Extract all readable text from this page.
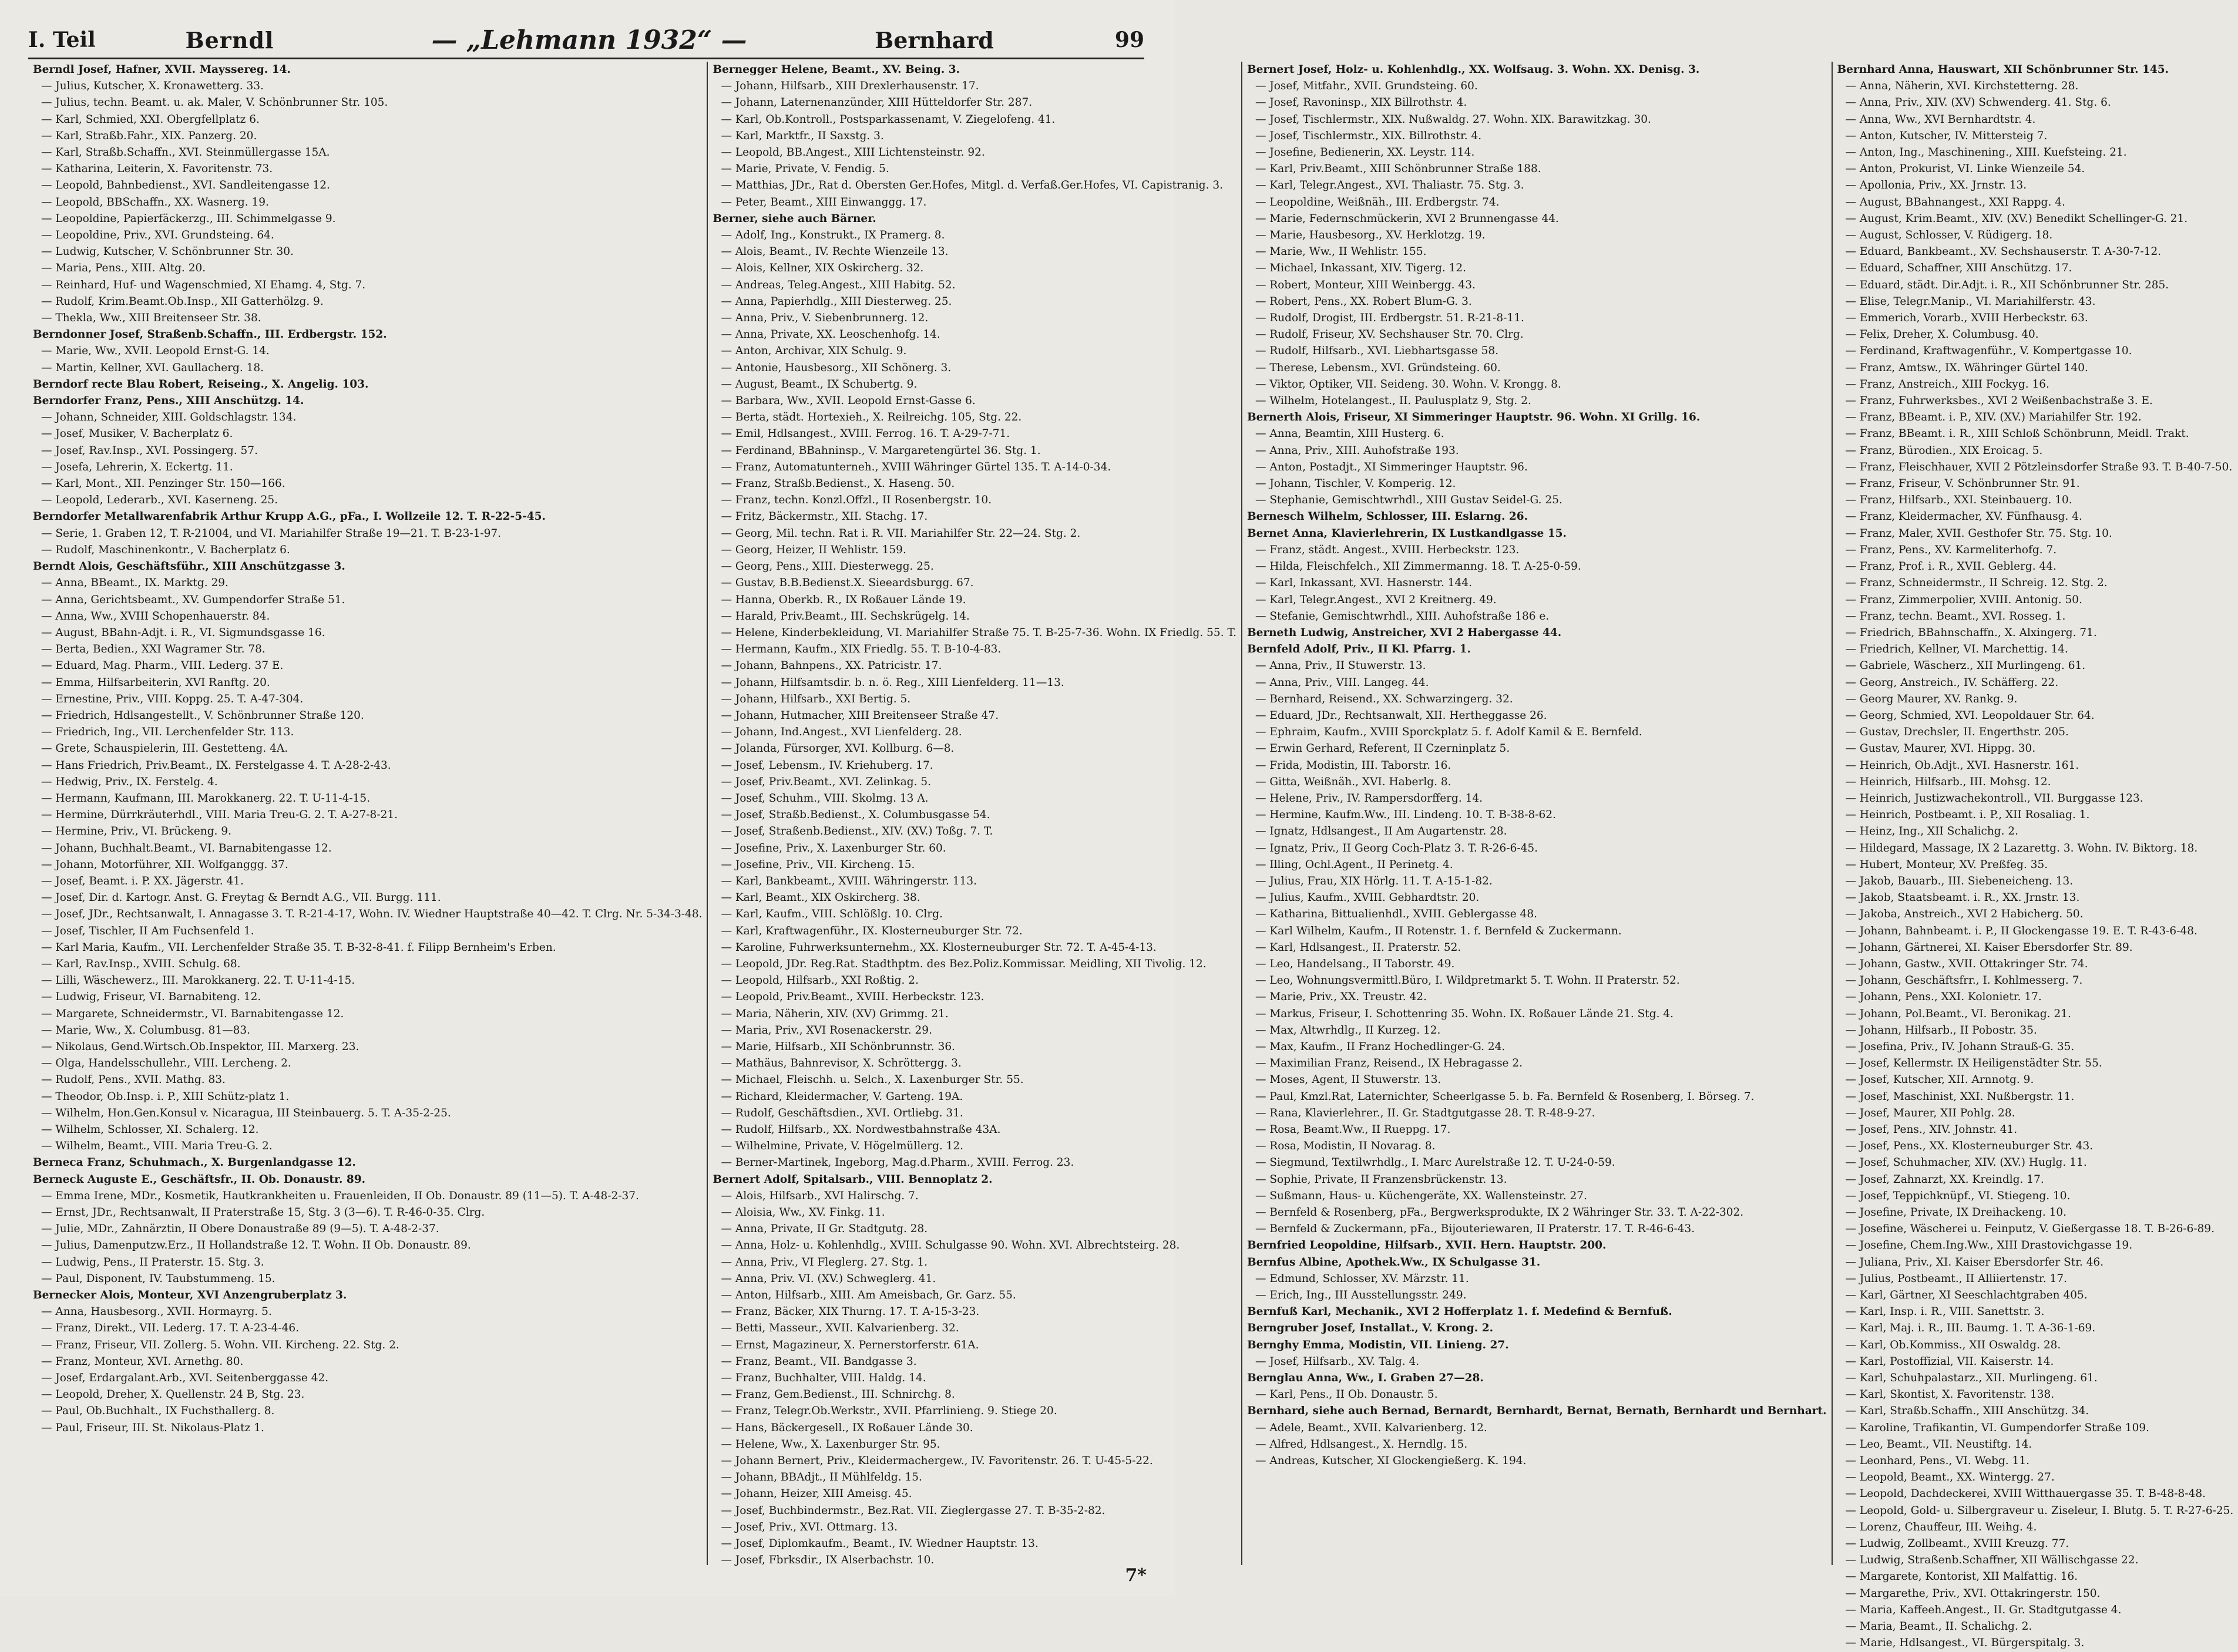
I. Teil	Berndl	— „Lehmann 1932“ —	Bernhard	99
Berndl Josef, Hafner, XVII. Mayssereg. 14.
— Julius, Kutscher, X. Kronawetterg. 33.
— Julius, techn. Beamt. u. ak. Maler, V. Schönbrunner Str. 105.
— Karl, Schmied, XXI. Obergfellplatz 6.
— Karl, Straßb.Fahr., XIX. Panzerg. 20.
— Karl, Straßb.Schaffn., XVI. Steinmüllergasse 15A.
— Katharina, Leiterin, X. Favoritenstr. 73.
— Leopold, Bahnbedienst., XVI. Sandleitengasse 12.
— Leopold, BBSchaffn., XX. Wasnerg. 19.
— Leopoldine, Papierfäckerzg., III. Schimmelgasse 9.
— Leopoldine, Priv., XVI. Grundsteing. 64.
— Ludwig, Kutscher, V. Schönbrunner Str. 30.
— Maria, Pens., XIII. Altg. 20.
— Reinhard, Huf- und Wagenschmied, XI Ehamg. 4, Stg. 7.
— Rudolf, Krim.Beamt.Ob.Insp., XII Gatterhölzg. 9.
— Thekla, Ww., XIII Breitenseer Str. 38.
Berndonner Josef, Straßenb.Schaffn., III. Erdbergstr. 152.
— Marie, Ww., XVII. Leopold Ernst-G. 14.
— Martin, Kellner, XVI. Gaullacherg. 18.
Berndorf recte Blau Robert, Reiseing., X. Angelig. 103.
Berndorfer Franz, Pens., XIII Anschützg. 14.
— Johann, Schneider, XIII. Goldschlagstr. 134.
— Josef, Musiker, V. Bacherplatz 6.
— Josef, Rav.Insp., XVI. Possingerg. 57.
— Josefa, Lehrerin, X. Eckertg. 11.
— Karl, Mont., XII. Penzinger Str. 150—166.
— Leopold, Lederarb., XVI. Kaserneng. 25.
Berndorfer Metallwarenfabrik Arthur Krupp A.G., pFa., I. Wollzeile 12. T. R-22-5-45.
— Serie, 1. Graben 12, T. R-21004, und VI. Mariahilfer Straße 19—21. T. B-23-1-97.
— Rudolf, Maschinenkontr., V. Bacherplatz 6.
Berndt Alois, Geschäftsführ., XIII Anschützgasse 3.
— Anna, BBeamt., IX. Marktg. 29.
— Anna, Gerichtsbeamt., XV. Gumpendorfer Straße 51.
— Anna, Ww., XVIII Schopenhauerstr. 84.
— August, BBahn-Adjt. i. R., VI. Sigmundsgasse 16.
— Berta, Bedien., XXI Wagramer Str. 78.
— Eduard, Mag. Pharm., VIII. Lederg. 37 E.
— Emma, Hilfsarbeiterin, XVI Ranftg. 20.
— Ernestine, Priv., VIII. Koppg. 25. T. A-47-304.
— Friedrich, Hdlsangestellt., V. Schönbrunner Straße 120.
— Friedrich, Ing., VII. Lerchenfelder Str. 113.
— Grete, Schauspielerin, III. Gestetteng. 4A.
— Hans Friedrich, Priv.Beamt., IX. Ferstelgasse 4. T. A-28-2-43.
— Hedwig, Priv., IX. Ferstelg. 4.
— Hermann, Kaufmann, III. Marokkanerg. 22. T. U-11-4-15.
— Hermine, Dürrkräuterhdl., VIII. Maria Treu-G. 2. T. A-27-8-21.
— Hermine, Priv., VI. Brückeng. 9.
— Johann, Buchhalt.Beamt., VI. Barnabitengasse 12.
— Johann, Motorführer, XII. Wolfganggg. 37.
— Josef, Beamt. i. P. XX. Jägerstr. 41.
— Josef, Dir. d. Kartogr. Anst. G. Freytag & Berndt A.G., VII. Burgg. 111.
— Josef, JDr., Rechtsanwalt, I. Annagasse 3. T. R-21-4-17, Wohn. IV. Wiedner Hauptstraße 40—42. T. Clrg. Nr. 5-34-3-48.
— Josef, Tischler, II Am Fuchsenfeld 1.
— Karl Maria, Kaufm., VII. Lerchenfelder Straße 35. T. B-32-8-41. f. Filipp Bernheim's Erben.
— Karl, Rav.Insp., XVIII. Schulg. 68.
— Lilli, Wäschewerz., III. Marokkanerg. 22. T. U-11-4-15.
— Ludwig, Friseur, VI. Barnabiteng. 12.
— Margarete, Schneidermstr., VI. Barnabitengasse 12.
— Marie, Ww., X. Columbusg. 81—83.
— Nikolaus, Gend.Wirtsch.Ob.Inspektor, III. Marxerg. 23.
— Olga, Handelsschullehr., VIII. Lercheng. 2.
— Rudolf, Pens., XVII. Mathg. 83.
— Theodor, Ob.Insp. i. P., XIII Schütz-platz 1.
— Wilhelm, Hon.Gen.Konsul v. Nicaragua, III Steinbauerg. 5. T. A-35-2-25.
— Wilhelm, Schlosser, XI. Schalerg. 12.
— Wilhelm, Beamt., VIII. Maria Treu-G. 2.
Berneca Franz, Schuhmach., X. Burgenlandgasse 12.
Berneck Auguste E., Geschäftsfr., II. Ob. Donaustr. 89.
— Emma Irene, MDr., Kosmetik, Hautkrankheiten u. Frauenleiden, II Ob. Donaustr. 89 (11—5). T. A-48-2-37.
— Ernst, JDr., Rechtsanwalt, II Praterstraße 15, Stg. 3 (3—6). T. R-46-0-35. Clrg.
— Julie, MDr., Zahnärztin, II Obere Donaustraße 89 (9—5). T. A-48-2-37.
— Julius, Damenputzw.Erz., II Hollandstraße 12. T. Wohn. II Ob. Donaustr. 89.
— Ludwig, Pens., II Praterstr. 15. Stg. 3.
— Paul, Disponent, IV. Taubstummeng. 15.
Bernecker Alois, Monteur, XVI Anzengruberplatz 3.
— Anna, Hausbesorg., XVII. Hormayrg. 5.
— Franz, Direkt., VII. Lederg. 17. T. A-23-4-46.
— Franz, Friseur, VII. Zollerg. 5. Wohn. VII. Kircheng. 22. Stg. 2.
— Franz, Monteur, XVI. Arnethg. 80.
— Josef, Erdargalant.Arb., XVI. Seitenberggasse 42.
— Leopold, Dreher, X. Quellenstr. 24 B, Stg. 23.
— Paul, Ob.Buchhalt., IX Fuchsthallerg. 8.
— Paul, Friseur, III. St. Nikolaus-Platz 1.
Bernegger Helene, Beamt., XV. Being. 3.
— Johann, Hilfsarb., XIII Drexlerhausenstr. 17.
— Johann, Laternenanzünder, XIII Hütteldorfer Str. 287.
— Karl, Ob.Kontroll., Postsparkassenamt, V. Ziegelofeng. 41.
— Karl, Marktfr., II Saxstg. 3.
— Leopold, BB.Angest., XIII Lichtensteinstr. 92.
— Marie, Private, V. Fendig. 5.
— Matthias, JDr., Rat d. Obersten Ger.Hofes, Mitgl. d. Verfaß.Ger.Hofes, VI. Capistranig. 3.
— Peter, Beamt., XIII Einwanggg. 17.
Berner, siehe auch Bärner.
— Adolf, Ing., Konstrukt., IX Pramerg. 8.
— Alois, Beamt., IV. Rechte Wienzeile 13.
— Alois, Kellner, XIX Oskircherg. 32.
— Andreas, Teleg.Angest., XIII Habitg. 52.
— Anna, Papierhdlg., XIII Diesterweg. 25.
— Anna, Priv., V. Siebenbrunnerg. 12.
— Anna, Private, XX. Leoschenhofg. 14.
— Anton, Archivar, XIX Schulg. 9.
— Antonie, Hausbesorg., XII Schönerg. 3.
— August, Beamt., IX Schubertg. 9.
— Barbara, Ww., XVII. Leopold Ernst-Gasse 6.
— Berta, städt. Hortexieh., X. Reilreichg. 105, Stg. 22.
— Emil, Hdlsangest., XVIII. Ferrog. 16. T. A-29-7-71.
— Ferdinand, BBahninsp., V. Margaretengürtel 36. Stg. 1.
— Franz, Automatunterneh., XVIII Währinger Gürtel 135. T. A-14-0-34.
— Franz, Straßb.Bedienst., X. Haseng. 50.
— Franz, techn. Konzl.Offzl., II Rosenbergstr. 10.
— Fritz, Bäckermstr., XII. Stachg. 17.
— Georg, Mil. techn. Rat i. R. VII. Mariahilfer Str. 22—24. Stg. 2.
— Georg, Heizer, II Wehlistr. 159.
— Georg, Pens., XIII. Diesterwegg. 25.
— Gustav, B.B.Bedienst.X. Sieeardsburgg. 67.
— Hanna, Oberkb. R., IX Roßauer Lände 19.
— Harald, Priv.Beamt., III. Sechskrügelg. 14.
— Helene, Kinderbekleidung, VI. Mariahilfer Straße 75. T. B-25-7-36. Wohn. IX Friedlg. 55. T.
— Hermann, Kaufm., XIX Friedlg. 55. T. B-10-4-83.
— Johann, Bahnpens., XX. Patricistr. 17.
— Johann, Hilfsamtsdir. b. n. ö. Reg., XIII Lienfelderg. 11—13.
— Johann, Hilfsarb., XXI Bertig. 5.
— Johann, Hutmacher, XIII Breitenseer Straße 47.
— Johann, Ind.Angest., XVI Lienfelderg. 28.
— Jolanda, Fürsorger, XVI. Kollburg. 6—8.
— Josef, Lebensm., IV. Kriehuberg. 17.
— Josef, Priv.Beamt., XVI. Zelinkag. 5.
— Josef, Schuhm., VIII. Skolmg. 13 A.
— Josef, Straßb.Bedienst., X. Columbusgasse 54.
— Josef, Straßenb.Bedienst., XIV. (XV.) Toßg. 7. T.
— Josefine, Priv., X. Laxenburger Str. 60.
— Josefine, Priv., VII. Kircheng. 15.
— Karl, Bankbeamt., XVIII. Währingerstr. 113.
— Karl, Beamt., XIX Oskircherg. 38.
— Karl, Kaufm., VIII. Schlößlg. 10. Clrg.
— Karl, Kraftwagenführ., IX. Klosterneuburger Str. 72.
— Karoline, Fuhrwerksunternehm., XX. Klosterneuburger Str. 72. T. A-45-4-13.
— Leopold, JDr. Reg.Rat. Stadthptm. des Bez.Poliz.Kommissar. Meidling, XII Tivolig. 12.
— Leopold, Hilfsarb., XXI Roßtig. 2.
— Leopold, Priv.Beamt., XVIII. Herbeckstr. 123.
— Maria, Näherin, XIV. (XV) Grimmg. 21.
— Maria, Priv., XVI Rosenackerstr. 29.
— Marie, Hilfsarb., XII Schönbrunnstr. 36.
— Mathäus, Bahnrevisor, X. Schröttergg. 3.
— Michael, Fleischh. u. Selch., X. Laxenburger Str. 55.
— Richard, Kleidermacher, V. Garteng. 19A.
— Rudolf, Geschäftsdien., XVI. Ortliebg. 31.
— Rudolf, Hilfsarb., XX. Nordwestbahnstraße 43A.
— Wilhelmine, Private, V. Högelmüllerg. 12.
— Berner-Martinek, Ingeborg, Mag.d.Pharm., XVIII. Ferrog. 23.
Bernert Adolf, Spitalsarb., VIII. Bennoplatz 2.
— Alois, Hilfsarb., XVI Halirschg. 7.
— Aloisia, Ww., XV. Finkg. 11.
— Anna, Private, II Gr. Stadtgutg. 28.
— Anna, Holz- u. Kohlenhdlg., XVIII. Schulgasse 90. Wohn. XVI. Albrechtsteirg. 28.
— Anna, Priv., VI Fleglerg. 27. Stg. 1.
— Anna, Priv. VI. (XV.) Schweglerg. 41.
— Anton, Hilfsarb., XIII. Am Ameisbach, Gr. Garz. 55.
— Franz, Bäcker, XIX Thurng. 17. T. A-15-3-23.
— Betti, Masseur., XVII. Kalvarienberg. 32.
— Ernst, Magazineur, X. Pernerstorferstr. 61A.
— Franz, Beamt., VII. Bandgasse 3.
— Franz, Buchhalter, VIII. Haldg. 14.
— Franz, Gem.Bedienst., III. Schnirchg. 8.
— Franz, Telegr.Ob.Werkstr., XVII. Pfarrlinieng. 9. Stiege 20.
— Hans, Bäckergesell., IX Roßauer Lände 30.
— Helene, Ww., X. Laxenburger Str. 95.
— Johann Bernert, Priv., Kleidermachergew., IV. Favoritenstr. 26. T. U-45-5-22.
— Johann, BBAdjt., II Mühlfeldg. 15.
— Johann, Heizer, XIII Ameisg. 45.
— Josef, Buchbindermstr., Bez.Rat. VII. Zieglergasse 27. T. B-35-2-82.
— Josef, Priv., XVI. Ottmarg. 13.
— Josef, Diplomkaufm., Beamt., IV. Wiedner Hauptstr. 13.
— Josef, Fbrksdir., IX Alserbachstr. 10.
Bernert Josef, Holz- u. Kohlenhdlg., XX. Wolfsaug. 3. Wohn. XX. Denisg. 3.
— Josef, Mitfahr., XVII. Grundsteing. 60.
— Josef, Ravoninsp., XIX Billrothstr. 4.
— Josef, Tischlermstr., XIX. Nußwaldg. 27. Wohn. XIX. Barawitzkag. 30.
— Josef, Tischlermstr., XIX. Billrothstr. 4.
— Josefine, Bedienerin, XX. Leystr. 114.
— Karl, Priv.Beamt., XIII Schönbrunner Straße 188.
— Karl, Telegr.Angest., XVI. Thaliastr. 75. Stg. 3.
— Leopoldine, Weißnäh., III. Erdbergstr. 74.
— Marie, Federnschmückerin, XVI 2 Brunnengasse 44.
— Marie, Hausbesorg., XV. Herklotzg. 19.
— Marie, Ww., II Wehlistr. 155.
— Michael, Inkassant, XIV. Tigerg. 12.
— Robert, Monteur, XIII Weinbergg. 43.
— Robert, Pens., XX. Robert Blum-G. 3.
— Rudolf, Drogist, III. Erdbergstr. 51. R-21-8-11.
— Rudolf, Friseur, XV. Sechshauser Str. 70. Clrg.
— Rudolf, Hilfsarb., XVI. Liebhartsgasse 58.
— Therese, Lebensm., XVI. Gründsteing. 60.
— Viktor, Optiker, VII. Seideng. 30. Wohn. V. Krongg. 8.
— Wilhelm, Hotelangest., II. Paulusplatz 9, Stg. 2.
Bernerth Alois, Friseur, XI Simmeringer Hauptstr. 96. Wohn. XI Grillg. 16.
— Anna, Beamtin, XIII Husterg. 6.
— Anna, Priv., XIII. Auhofstraße 193.
— Anton, Postadjt., XI Simmeringer Hauptstr. 96.
— Johann, Tischler, V. Komperig. 12.
— Stephanie, Gemischtwrhdl., XIII Gustav Seidel-G. 25.
Bernesch Wilhelm, Schlosser, III. Eslarng. 26.
Bernet Anna, Klavierlehrerin, IX Lustkandlgasse 15.
— Franz, städt. Angest., XVIII. Herbeckstr. 123.
— Hilda, Fleischfelch., XII Zimmermanng. 18. T. A-25-0-59.
— Karl, Inkassant, XVI. Hasnerstr. 144.
— Karl, Telegr.Angest., XVI 2 Kreitnerg. 49.
— Stefanie, Gemischtwrhdl., XIII. Auhofstraße 186 e.
Berneth Ludwig, Anstreicher, XVI 2 Habergasse 44.
Bernfeld Adolf, Priv., II Kl. Pfarrg. 1.
— Anna, Priv., II Stuwerstr. 13.
— Anna, Priv., VIII. Langeg. 44.
— Bernhard, Reisend., XX. Schwarzingerg. 32.
— Eduard, JDr., Rechtsanwalt, XII. Hertheggasse 26.
— Ephraim, Kaufm., XVIII Sporckplatz 5. f. Adolf Kamil & E. Bernfeld.
— Erwin Gerhard, Referent, II Czerninplatz 5.
— Frida, Modistin, III. Taborstr. 16.
— Gitta, Weißnäh., XVI. Haberlg. 8.
— Helene, Priv., IV. Rampersdorfferg. 14.
— Hermine, Kaufm.Ww., III. Lindeng. 10. T. B-38-8-62.
— Ignatz, Hdlsangest., II Am Augartenstr. 28.
— Ignatz, Priv., II Georg Coch-Platz 3. T. R-26-6-45.
— Illing, Ochl.Agent., II Perinetg. 4.
— Julius, Frau, XIX Hörlg. 11. T. A-15-1-82.
— Julius, Kaufm., XVIII. Gebhardtstr. 20.
— Katharina, Bittualienhdl., XVIII. Geblergasse 48.
— Karl Wilhelm, Kaufm., II Rotenstr. 1. f. Bernfeld & Zuckermann.
— Karl, Hdlsangest., II. Praterstr. 52.
— Leo, Handelsang., II Taborstr. 49.
— Leo, Wohnungsvermittl.Büro, I. Wildpretmarkt 5. T. Wohn. II Praterstr. 52.
— Marie, Priv., XX. Treustr. 42.
— Markus, Friseur, I. Schottenring 35. Wohn. IX. Roßauer Lände 21. Stg. 4.
— Max, Altwrhdlg., II Kurzeg. 12.
— Max, Kaufm., II Franz Hochedlinger-G. 24.
— Maximilian Franz, Reisend., IX Hebragasse 2.
— Moses, Agent, II Stuwerstr. 13.
— Paul, Kmzl.Rat, Laternichter, Scheerlgasse 5. b. Fa. Bernfeld & Rosenberg, I. Börseg. 7.
— Rana, Klavierlehrer., II. Gr. Stadtgutgasse 28. T. R-48-9-27.
— Rosa, Beamt.Ww., II Rueppg. 17.
— Rosa, Modistin, II Novarag. 8.
— Siegmund, Textilwrhdlg., I. Marc Aurelstraße 12. T. U-24-0-59.
— Sophie, Private, II Franzensbrückenstr. 13.
— Sußmann, Haus- u. Küchengeräte, XX. Wallensteinstr. 27.
— Bernfeld & Rosenberg, pFa., Bergwerksprodukte, IX 2 Währinger Str. 33. T. A-22-302.
— Bernfeld & Zuckermann, pFa., Bijouteriewaren, II Praterstr. 17. T. R-46-6-43.
Bernfried Leopoldine, Hilfsarb., XVII. Hern. Hauptstr. 200.
Bernfus Albine, Apothek.Ww., IX Schulgasse 31.
— Edmund, Schlosser, XV. Märzstr. 11.
— Erich, Ing., III Ausstellungsstr. 249.
Bernfuß Karl, Mechanik., XVI 2 Hofferplatz 1. f. Medefind & Bernfuß.
Berngruber Josef, Installat., V. Krong. 2.
Bernghy Emma, Modistin, VII. Linieng. 27.
— Josef, Hilfsarb., XV. Talg. 4.
Bernglau Anna, Ww., I. Graben 27—28.
— Karl, Pens., II Ob. Donaustr. 5.
Bernhard, siehe auch Bernad, Bernardt, Bernhardt, Bernat, Bernath, Bernhardt und Bernhart.
— Adele, Beamt., XVII. Kalvarienberg. 12.
— Alfred, Hdlsangest., X. Herndlg. 15.
— Andreas, Kutscher, XI Glockengießerg. K. 194.
Bernhard Anna, Hauswart, XII Schönbrunner Str. 145.
— Anna, Näherin, XVI. Kirchstetterng. 28.
— Anna, Priv., XIV. (XV) Schwenderg. 41. Stg. 6.
— Anna, Ww., XVI Bernhardtstr. 4.
— Anton, Kutscher, IV. Mittersteig 7.
— Anton, Ing., Maschinening., XIII. Kuefsteing. 21.
— Anton, Prokurist, VI. Linke Wienzeile 54.
— Apollonia, Priv., XX. Jrnstr. 13.
— August, BBahnangest., XXI Rappg. 4.
— August, Krim.Beamt., XIV. (XV.) Benedikt Schellinger-G. 21.
— August, Schlosser, V. Rüdigerg. 18.
— Eduard, Bankbeamt., XV. Sechshauserstr. T. A-30-7-12.
— Eduard, Schaffner, XIII Anschützg. 17.
— Eduard, städt. Dir.Adjt. i. R., XII Schönbrunner Str. 285.
— Elise, Telegr.Manip., VI. Mariahilferstr. 43.
— Emmerich, Vorarb., XVIII Herbeckstr. 63.
— Felix, Dreher, X. Columbusg. 40.
— Ferdinand, Kraftwagenführ., V. Kompertgasse 10.
— Franz, Amtsw., IX. Währinger Gürtel 140.
— Franz, Anstreich., XIII Fockyg. 16.
— Franz, Fuhrwerksbes., XVI 2 Weißenbachstraße 3. E.
— Franz, BBeamt. i. P., XIV. (XV.) Mariahilfer Str. 192.
— Franz, BBeamt. i. R., XIII Schloß Schönbrunn, Meidl. Trakt.
— Franz, Bürodien., XIX Eroicag. 5.
— Franz, Fleischhauer, XVII 2 Pötzleinsdorfer Straße 93. T. B-40-7-50.
— Franz, Friseur, V. Schönbrunner Str. 91.
— Franz, Hilfsarb., XXI. Steinbauerg. 10.
— Franz, Kleidermacher, XV. Fünfhausg. 4.
— Franz, Maler, XVII. Gesthofer Str. 75. Stg. 10.
— Franz, Pens., XV. Karmeliterhofg. 7.
— Franz, Prof. i. R., XVII. Geblerg. 44.
— Franz, Schneidermstr., II Schreig. 12. Stg. 2.
— Franz, Zimmerpolier, XVIII. Antonig. 50.
— Franz, techn. Beamt., XVI. Rosseg. 1.
— Friedrich, BBahnschaffn., X. Alxingerg. 71.
— Friedrich, Kellner, VI. Marchettig. 14.
— Gabriele, Wäscherz., XII Murlingeng. 61.
— Georg, Anstreich., IV. Schäfferg. 22.
— Georg Maurer, XV. Rankg. 9.
— Georg, Schmied, XVI. Leopoldauer Str. 64.
— Gustav, Drechsler, II. Engerthstr. 205.
— Gustav, Maurer, XVI. Hippg. 30.
— Heinrich, Ob.Adjt., XVI. Hasnerstr. 161.
— Heinrich, Hilfsarb., III. Mohsg. 12.
— Heinrich, Justizwachekontroll., VII. Burggasse 123.
— Heinrich, Postbeamt. i. P., XII Rosaliag. 1.
— Heinz, Ing., XII Schalichg. 2.
— Hildegard, Massage, IX 2 Lazarettg. 3. Wohn. IV. Biktorg. 18.
— Hubert, Monteur, XV. Preßfeg. 35.
— Jakob, Bauarb., III. Siebeneicheng. 13.
— Jakob, Staatsbeamt. i. R., XX. Jrnstr. 13.
— Jakoba, Anstreich., XVI 2 Habicherg. 50.
— Johann, Bahnbeamt. i. P., II Glockengasse 19. E. T. R-43-6-48.
— Johann, Gärtnerei, XI. Kaiser Ebersdorfer Str. 89.
— Johann, Gastw., XVII. Ottakringer Str. 74.
— Johann, Geschäftsfrr., I. Kohlmesserg. 7.
— Johann, Pens., XXI. Kolonietr. 17.
— Johann, Pol.Beamt., VI. Beronikag. 21.
— Johann, Hilfsarb., II Pobostr. 35.
— Josefina, Priv., IV. Johann Strauß-G. 35.
— Josef, Kellermstr. IX Heiligenstädter Str. 55.
— Josef, Kutscher, XII. Arnnotg. 9.
— Josef, Maschinist, XXI. Nußbergstr. 11.
— Josef, Maurer, XII Pohlg. 28.
— Josef, Pens., XIV. Johnstr. 41.
— Josef, Pens., XX. Klosterneuburger Str. 43.
— Josef, Schuhmacher, XIV. (XV.) Huglg. 11.
— Josef, Zahnarzt, XX. Kreindlg. 17.
— Josef, Teppichknüpf., VI. Stiegeng. 10.
— Josefine, Private, IX Dreihackeng. 10.
— Josefine, Wäscherei u. Feinputz, V. Gießergasse 18. T. B-26-6-89.
— Josefine, Chem.Ing.Ww., XIII Drastovichgasse 19.
— Juliana, Priv., XI. Kaiser Ebersdorfer Str. 46.
— Julius, Postbeamt., II Alliiertenstr. 17.
— Karl, Gärtner, XI Seeschlachtgraben 405.
— Karl, Insp. i. R., VIII. Sanettstr. 3.
— Karl, Maj. i. R., III. Baumg. 1. T. A-36-1-69.
— Karl, Ob.Kommiss., XII Oswaldg. 28.
— Karl, Postoffizial, VII. Kaiserstr. 14.
— Karl, Schuhpalastarz., XII. Murlingeng. 61.
— Karl, Skontist, X. Favoritenstr. 138.
— Karl, Straßb.Schaffn., XIII Anschützg. 34.
— Karoline, Trafikantin, VI. Gumpendorfer Straße 109.
— Leo, Beamt., VII. Neustiftg. 14.
— Leonhard, Pens., VI. Webg. 11.
— Leopold, Beamt., XX. Wintergg. 27.
— Leopold, Dachdeckerei, XVIII Witthauergasse 35. T. B-48-8-48.
— Leopold, Gold- u. Silbergraveur u. Ziseleur, I. Blutg. 5. T. R-27-6-25.
— Lorenz, Chauffeur, III. Weihg. 4.
— Ludwig, Zollbeamt., XVIII Kreuzg. 77.
— Ludwig, Straßenb.Schaffner, XII Wällischgasse 22.
— Margarete, Kontorist, XII Malfattig. 16.
— Margarethe, Priv., XVI. Ottakringerstr. 150.
— Maria, Kaffeeh.Angest., II. Gr. Stadtgutgasse 4.
— Maria, Beamt., II. Schalichg. 2.
— Marie, Hdlsangest., VI. Bürgerspitalg. 3.
7*
